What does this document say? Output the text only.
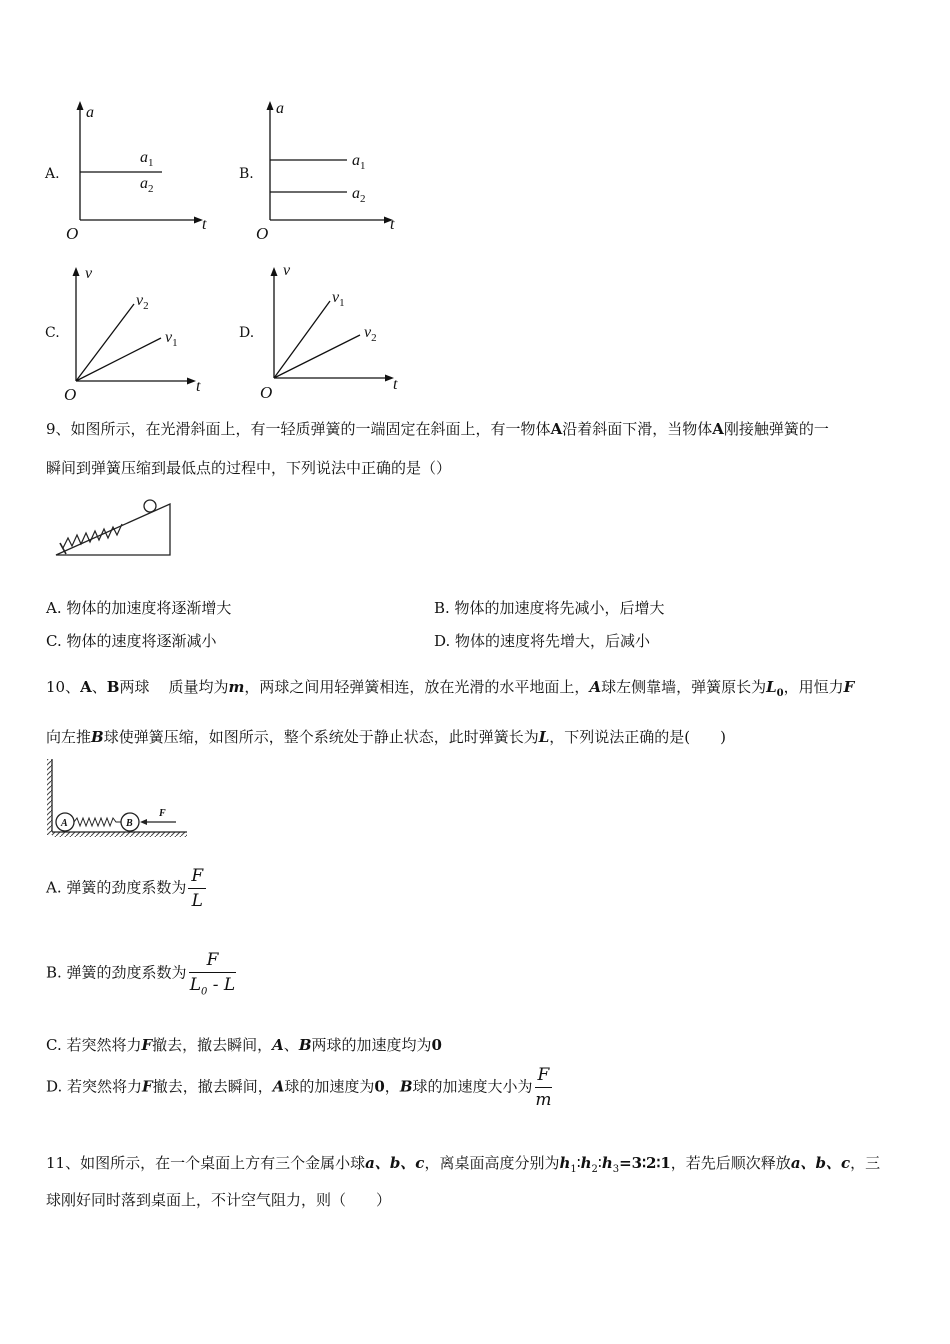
A.
a
t
O
$a_1$
$a_2$
B.
a
t
O
$a_1$
$a_2$
C.
v
t
O
$v_2$
$v_1$
D.
v
t
O
$v_1$
$v_2$
9、如图所示，在光滑斜面上，有一轻质弹簧的一端固定在斜面上，有一物体A沿着斜面下滑，当物体A刚接触弹簧的一
瞬间到弹簧压缩到最低点的过程中，下列说法中正确的是（）
A. 物体的加速度将逐渐增大	B. 物体的加速度将先减小，后增大
C. 物体的速度将逐渐减小	D. 物体的速度将先增大，后减小
10、A、B两球 质量均为m，两球之间用轻弹簧相连，放在光滑的水平地面上，A球左侧靠墙，弹簧原长为$L_0$，用恒力F
向左推B球使弹簧压缩，如图所示，整个系统处于静止状态，此时弹簧长为L，下列说法正确的是(　　)
A	B
F
A. 弹簧的劲度系数为 $\frac{F}{L}$
B. 弹簧的劲度系数为 $\frac{F}{L_0 - L}$
C. 若突然将力F撤去，撤去瞬间，A、B两球的加速度均为0
D. 若突然将力F撤去，撤去瞬间，A球的加速度为0，B球的加速度大小为 $\frac{F}{m}$
11、如图所示，在一个桌面上方有三个金属小球a、b、c，离桌面高度分别为$h_1∶h_2∶h_3=3∶2∶1$，若先后顺次释放a、b、c，三
球刚好同时落到桌面上，不计空气阻力，则（　　）
